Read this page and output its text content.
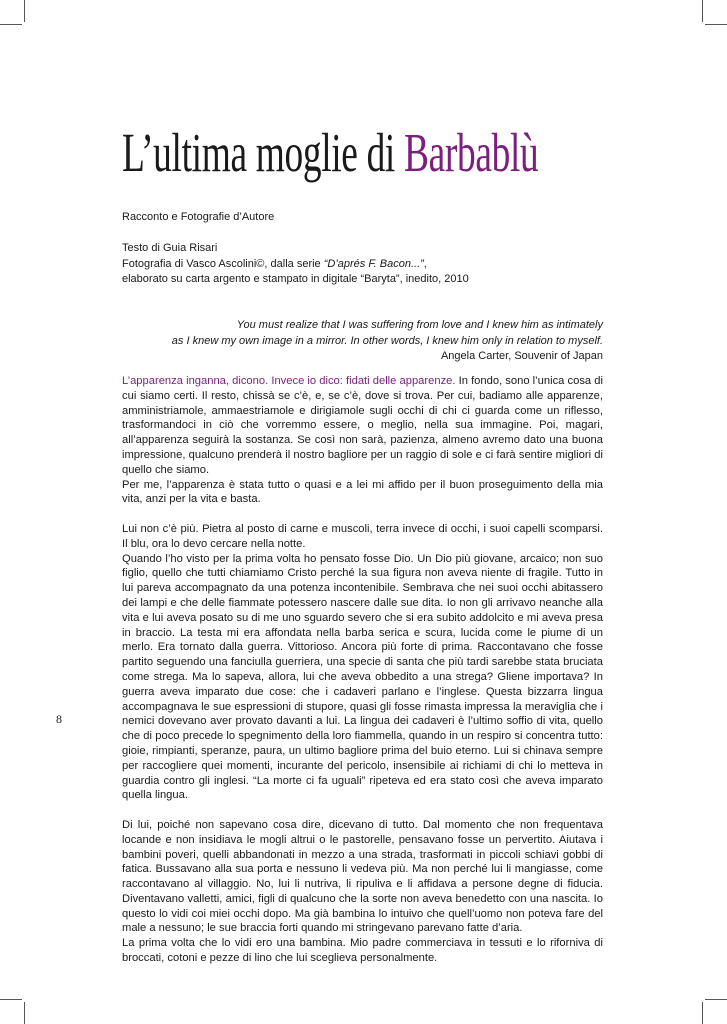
L’ultima moglie di Barbablù
Racconto e Fotografie d’Autore
Testo di Guia Risari
Fotografia di Vasco Ascolini©, dalla serie “D’aprés F. Bacon...”,
elaborato su carta argento e stampato in digitale “Baryta”, inedito, 2010
You must realize that I was suffering from love and I knew him as intimately
as I knew my own image in a mirror. In other words, I knew him only in relation to myself.
Angela Carter, Souvenir of Japan

L’apparenza inganna, dicono. Invece io dico: fidati delle apparenze. In fondo, sono l’unica cosa di cui siamo certi. Il resto, chissà se c’è, e, se c’è, dove si trova. Per cui, badiamo alle apparenze, amministriamole, ammaestriamole e dirigiamole sugli occhi di chi ci guarda come un riflesso, trasformandoci in ciò che vorremmo essere, o meglio, nella sua immagine. Poi, magari, all’apparenza seguirà la sostanza. Se così non sarà, pazienza, almeno avremo dato una buona impressione, qualcuno prenderà il nostro bagliore per un raggio di sole e ci farà sentire migliori di quello che siamo.

Per me, l’apparenza è stata tutto o quasi e a lei mi affido per il buon proseguimento della mia vita, anzi per la vita e basta.

Lui non c’è più. Pietra al posto di carne e muscoli, terra invece di occhi, i suoi capelli scomparsi. Il blu, ora lo devo cercare nella notte.

Quando l’ho visto per la prima volta ho pensato fosse Dio. Un Dio più giovane, arcaico; non suo figlio, quello che tutti chiamiamo Cristo perché la sua figura non aveva niente di fragile. Tutto in lui pareva accompagnato da una potenza incontenibile. Sembrava che nei suoi occhi abitassero dei lampi e che delle fiammate potessero nascere dalle sue dita. Io non gli arrivavo neanche alla vita e lui aveva posato su di me uno sguardo severo che si era subito addolcito e mi aveva presa in braccio. La testa mi era affondata nella barba serica e scura, lucida come le piume di un merlo. Era tornato dalla guerra. Vittorioso. Ancora più forte di prima. Raccontavano che fosse partito seguendo una fanciulla guerriera, una specie di santa che più tardi sarebbe stata bruciata come strega. Ma lo sapeva, allora, lui che aveva obbedito a una strega? Gliene importava? In guerra aveva imparato due cose: che i cadaveri parlano e l’inglese. Questa bizzarra lingua accompagnava le sue espressioni di stupore, quasi gli fosse rimasta impressa la meraviglia che i nemici dovevano aver provato davanti a lui. La lingua dei cadaveri è l’ultimo soffio di vita, quello che di poco precede lo spegnimento della loro fiammella, quando in un respiro si concentra tutto: gioie, rimpianti, speranze, paura, un ultimo bagliore prima del buio eterno. Lui si chinava sempre per raccogliere quei momenti, incurante del pericolo, insensibile ai richiami di chi lo metteva in guardia contro gli inglesi. “La morte ci fa uguali” ripeteva ed era stato così che aveva imparato quella lingua.

Di lui, poiché non sapevano cosa dire, dicevano di tutto. Dal momento che non frequentava locande e non insidiava le mogli altrui o le pastorelle, pensavano fosse un pervertito. Aiutava i bambini poveri, quelli abbandonati in mezzo a una strada, trasformati in piccoli schiavi gobbi di fatica. Bussavano alla sua porta e nessuno li vedeva più. Ma non perché lui li mangiasse, come raccontavano al villaggio. No, lui li nutriva, li ripuliva e li affidava a persone degne di fiducia. Diventavano valletti, amici, figli di qualcuno che la sorte non aveva benedetto con una nascita. Io questo lo vidi coi miei occhi dopo. Ma già bambina lo intuivo che quell’uomo non poteva fare del male a nessuno; le sue braccia forti quando mi stringevano parevano fatte d’aria.

La prima volta che lo vidi ero una bambina. Mio padre commerciava in tessuti e lo riforniva di broccati, cotoni e pezze di lino che lui sceglieva personalmente.

8
